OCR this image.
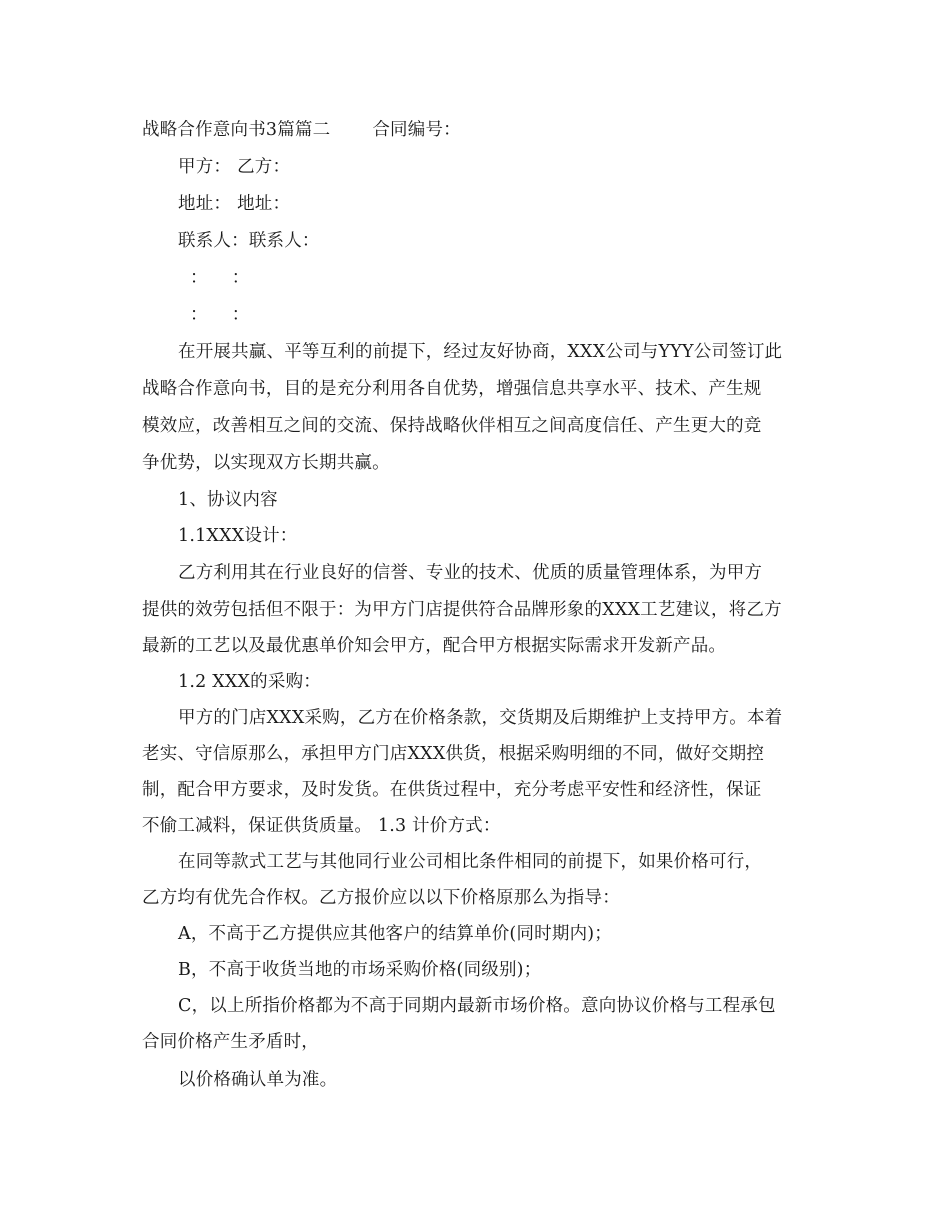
战略合作意向书3篇篇二 合同编号：
甲方： 乙方：
地址： 地址：
联系人：联系人：
： ：
： ：
在开展共赢、平等互利的前提下，经过友好协商，XXX公司与YYY公司签订此
战略合作意向书，目的是充分利用各自优势，增强信息共享水平、技术、产生规
模效应，改善相互之间的交流、保持战略伙伴相互之间高度信任、产生更大的竞
争优势，以实现双方长期共赢。
1、协议内容
1.1XXX设计：
乙方利用其在行业良好的信誉、专业的技术、优质的质量管理体系，为甲方
提供的效劳包括但不限于：为甲方门店提供符合品牌形象的XXX工艺建议，将乙方
最新的工艺以及最优惠单价知会甲方，配合甲方根据实际需求开发新产品。
1.2 XXX的采购：
甲方的门店XXX采购，乙方在价格条款，交货期及后期维护上支持甲方。本着
老实、守信原那么，承担甲方门店XXX供货，根据采购明细的不同，做好交期控
制，配合甲方要求，及时发货。在供货过程中，充分考虑平安性和经济性，保证
不偷工减料，保证供货质量。 1.3 计价方式：
在同等款式工艺与其他同行业公司相比条件相同的前提下，如果价格可行，
乙方均有优先合作权。乙方报价应以以下价格原那么为指导：
A，不高于乙方提供应其他客户的结算单价(同时期内)；
B，不高于收货当地的市场采购价格(同级别)；
C，以上所指价格都为不高于同期内最新市场价格。意向协议价格与工程承包
合同价格产生矛盾时，
以价格确认单为准。
